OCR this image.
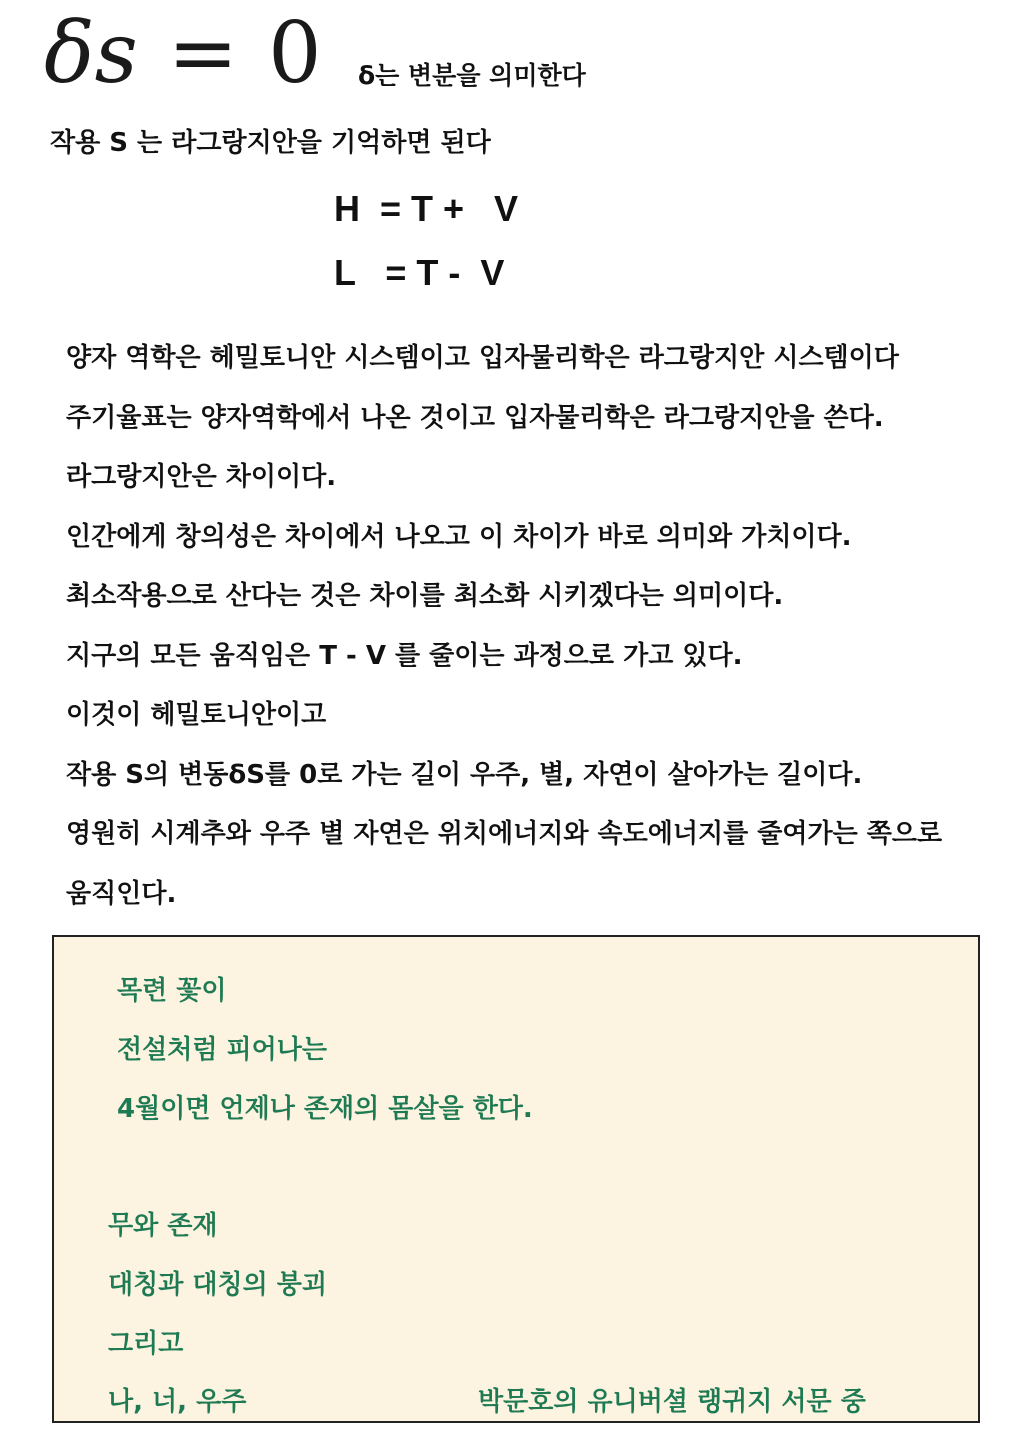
δs = 0 δ는 변분을 의미한다
작용 S 는 라그랑지안을 기억하면 된다
H  = T +   V
L   = T -  V
양자 역학은 헤밀토니안 시스템이고 입자물리학은 라그랑지안 시스템이다
주기율표는 양자역학에서 나온 것이고 입자물리학은 라그랑지안을 쓴다.
라그랑지안은 차이이다.
인간에게 창의성은 차이에서 나오고 이 차이가 바로 의미와 가치이다.
최소작용으로 산다는 것은 차이를 최소화 시키겠다는 의미이다.
지구의 모든 움직임은 T - V 를 줄이는 과정으로 가고 있다.
이것이 헤밀토니안이고
작용 S의 변동δS를 0로 가는 길이 우주, 별, 자연이 살아가는 길이다.
영원히 시계추와 우주 별 자연은 위치에너지와 속도에너지를 줄여가는 쪽으로
움직인다.
목련 꽃이
전설처럼 피어나는
4월이면 언제나 존재의 몸살을 한다.
무와 존재
대칭과 대칭의 붕괴
그리고
나, 너, 우주	박문호의 유니버셜 랭귀지 서문 중
